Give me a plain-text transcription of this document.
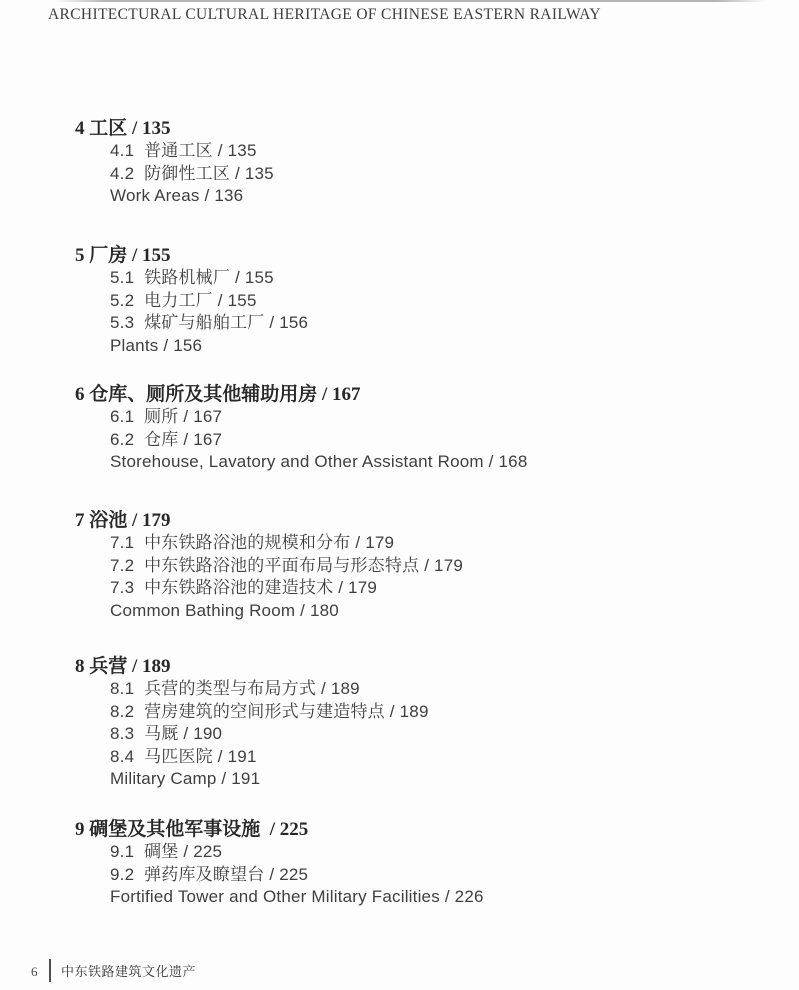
ARCHITECTURAL CULTURAL HERITAGE OF CHINESE EASTERN RAILWAY
4 工区 / 135
4.1  普通工区 / 135
4.2  防御性工区 / 135
Work Areas / 136
5 厂房 / 155
5.1  铁路机械厂 / 155
5.2  电力工厂 / 155
5.3  煤矿与船舶工厂 / 156
Plants / 156
6 仓库、厕所及其他辅助用房 / 167
6.1  厕所 / 167
6.2  仓库 / 167
Storehouse, Lavatory and Other Assistant Room / 168
7 浴池 / 179
7.1  中东铁路浴池的规模和分布 / 179
7.2  中东铁路浴池的平面布局与形态特点 / 179
7.3  中东铁路浴池的建造技术 / 179
Common Bathing Room / 180
8 兵营 / 189
8.1  兵营的类型与布局方式 / 189
8.2  营房建筑的空间形式与建造特点 / 189
8.3  马厩 / 190
8.4  马匹医院 / 191
Military Camp / 191
9 碉堡及其他军事设施  / 225
9.1  碉堡 / 225
9.2  弹药库及瞭望台 / 225
Fortified Tower and Other Military Facilities / 226
6 中东铁路建筑文化遗产
